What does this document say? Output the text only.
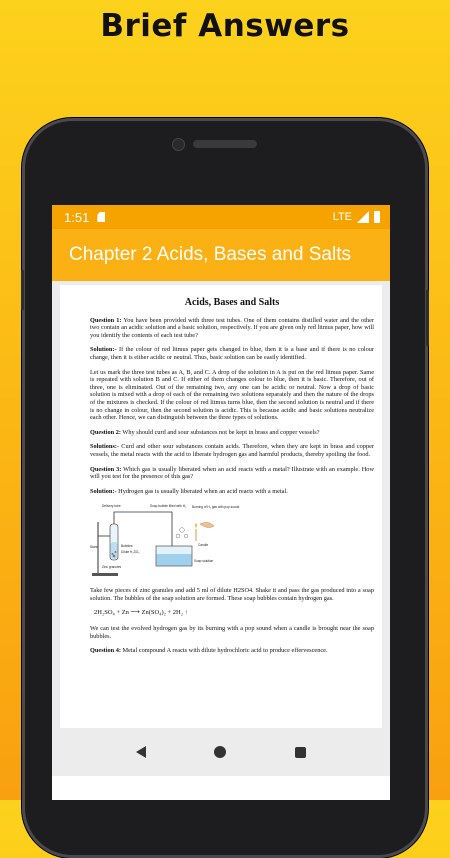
Brief Answers
1:51	LTE
Chapter 2 Acids, Bases and Salts
Acids, Bases and Salts

Question 1: You have been provided with three test tubes. One of them contains distilled water and the other two contain an acidic solution and a basic solution, respectively. If you are given only red litmus paper, how will you identify the contents of each test tube?

Solution:- If the colour of red litmus paper gets changed to blue, then it is a base and if there is no colour change, then it is either acidic or neutral. Thus, basic solution can be easily identified.

Let us mark the three test tubes as A, B, and C. A drop of the solution in A is put on the red litmus paper. Same is repeated with solution B and C. If either of them changes colour to blue, then it is basic. Therefore, out of three, one is eliminated. Out of the remaining two, any one can be acidic or neutral. Now a drop of basic solution is mixed with a drop of each of the remaining two solutions separately and then the nature of the drops of the mixtures is checked. If the colour of red litmus turns blue, then the second solution is neutral and if there is no change in colour, then the second solution is acidic. This is because acidic and basic solutions neutralize each other. Hence, we can distinguish between the three types of solutions.

Question 2: Why should curd and sour substances not be kept in brass and copper vessels?

Solutions:- Curd and other sour substances contain acids. Therefore, when they are kept in brass and copper vessels, the metal reacts with the acid to liberate hydrogen gas and harmful products, thereby spoiling the food.

Question 3: Which gas is usually liberated when an acid reacts with a metal? Illustrate with an example. How will you test for the presence of this gas?

Solution:- Hydrogen gas is usually liberated when an acid reacts with a metal.

Delivery tube	Soap bubble filled with H₂ Burning of H₂ gas with pop sound
Candle
Stand	Bubbles
Dilute H₂SO₄
Zinc granules
Soap solution

Take few pieces of zinc granules and add 5 ml of dilute H2SO4. Shake it and pass the gas produced into a soap solution. The bubbles of the soap solution are formed. These soap bubbles contain hydrogen gas.

2H₂SO₄ + Zn ⟶ Zn(SO₄)₂ + 2H₂ ↑

We can test the evolved hydrogen gas by its burning with a pop sound when a candle is brought near the soap bubbles.

Question 4: Metal compound A reacts with dilute hydrochloric acid to produce effervescence.
